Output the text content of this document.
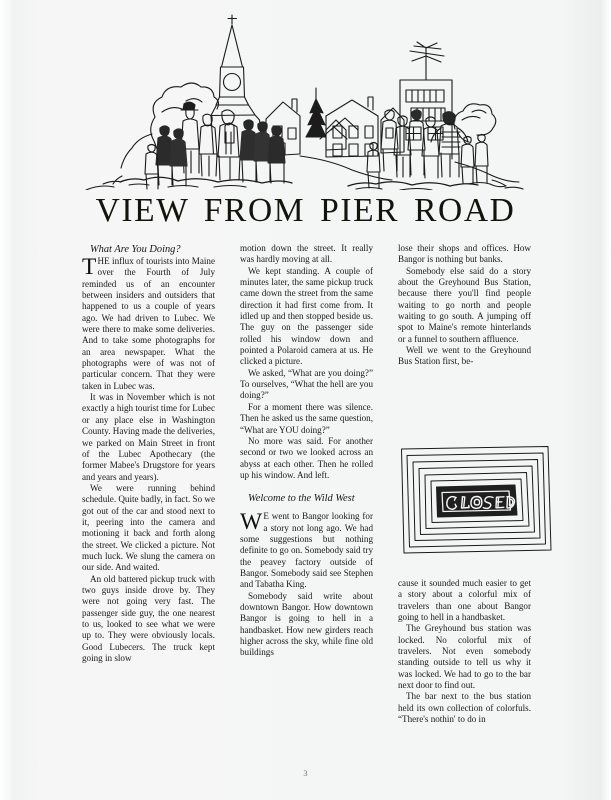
VIEW FROM PIER ROAD

What Are You Doing?

THE influx of tourists into Maine over the Fourth of July reminded us of an encounter between insiders and outsiders that happened to us a couple of years ago. We had driven to Lubec. We were there to make some deliveries. And to take some photographs for an area newspaper. What the photographs were of was not of particular concern. That they were taken in Lubec was.

It was in November which is not exactly a high tourist time for Lubec or any place else in Washington County. Having made the deliveries, we parked on Main Street in front of the Lubec Apothecary (the former Mabee's Drugstore for years and years and years).

We were running behind schedule. Quite badly, in fact. So we got out of the car and stood next to it, peering into the camera and motioning it back and forth along the street. We clicked a picture. Not much luck. We slung the camera on our side. And waited.

An old battered pickup truck with two guys inside drove by. They were not going very fast. The passenger side guy, the one nearest to us, looked to see what we were up to. They were obviously locals. Good Lubecers. The truck kept going in slow

motion down the street. It really was hardly moving at all.

We kept standing. A couple of minutes later, the same pickup truck came down the street from the same direction it had first come from. It idled up and then stopped beside us. The guy on the passenger side rolled his window down and pointed a Polaroid camera at us. He clicked a picture.

We asked, “What are you doing?” To ourselves, “What the hell are you doing?”

For a moment there was silence. Then he asked us the same question, “What are YOU doing?”

No more was said. For another second or two we looked across an abyss at each other. Then he rolled up his window. And left.

Welcome to the Wild West

W E went to Bangor looking for a story not long ago. We had some suggestions but nothing definite to go on. Somebody said try the peavey factory outside of Bangor. Somebody said see Stephen and Tabatha King.

Somebody said write about downtown Bangor. How downtown Bangor is going to hell in a handbasket. How new girders reach higher across the sky, while fine old buildings

lose their shops and offices. How Bangor is nothing but banks.

Somebody else said do a story about the Greyhound Bus Station, because there you'll find people waiting to go north and people waiting to go south. A jumping off spot to Maine's remote hinterlands or a funnel to southern affluence.

Well we went to the Greyhound Bus Station first, be-

cause it sounded much easier to get a story about a colorful mix of travelers than one about Bangor going to hell in a handbasket.

The Greyhound bus station was locked. No colorful mix of travelers. Not even somebody standing outside to tell us why it was locked. We had to go to the bar next door to find out.

The bar next to the bus station held its own collection of colorfuls. “There's nothin' to do in

3
